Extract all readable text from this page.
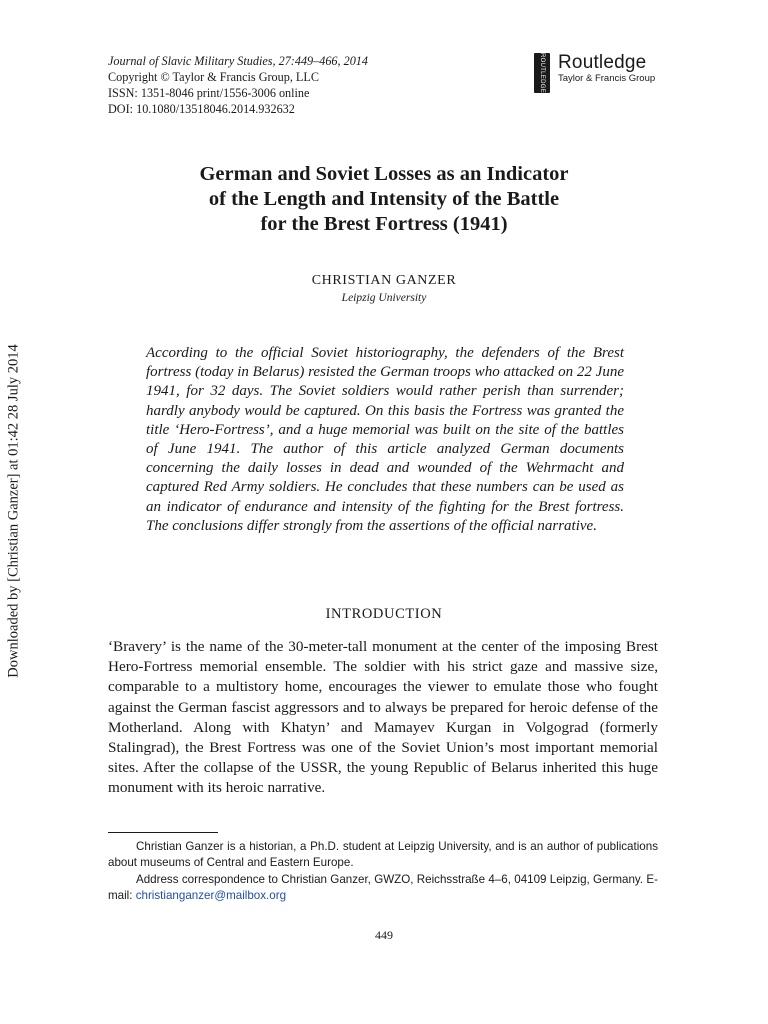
Journal of Slavic Military Studies, 27:449–466, 2014
Copyright © Taylor & Francis Group, LLC
ISSN: 1351-8046 print/1556-3006 online
DOI: 10.1080/13518046.2014.932632
ROUTLEDGE Routledge
Taylor & Francis Group
Downloaded by [Christian Ganzer] at 01:42 28 July 2014
German and Soviet Losses as an Indicator
of the Length and Intensity of the Battle
for the Brest Fortress (1941)
CHRISTIAN GANZER
Leipzig University

According to the official Soviet historiography, the defenders of the Brest fortress (today in Belarus) resisted the German troops who attacked on 22 June 1941, for 32 days. The Soviet soldiers would rather perish than surrender; hardly anybody would be captured. On this basis the Fortress was granted the title ‘Hero-Fortress’, and a huge memorial was built on the site of the battles of June 1941. The author of this article analyzed German documents concerning the daily losses in dead and wounded of the Wehrmacht and captured Red Army soldiers. He concludes that these numbers can be used as an indicator of endurance and intensity of the fighting for the Brest fortress. The conclusions differ strongly from the assertions of the official narrative.

INTRODUCTION

‘Bravery’ is the name of the 30-meter-tall monument at the center of the imposing Brest Hero-Fortress memorial ensemble. The soldier with his strict gaze and massive size, comparable to a multistory home, encourages the viewer to emulate those who fought against the German fascist aggressors and to always be prepared for heroic defense of the Motherland. Along with Khatyn’ and Mamayev Kurgan in Volgograd (formerly Stalingrad), the Brest Fortress was one of the Soviet Union’s most important memorial sites. After the collapse of the USSR, the young Republic of Belarus inherited this huge monument with its heroic narrative.

Christian Ganzer is a historian, a Ph.D. student at Leipzig University, and is an author of publications about museums of Central and Eastern Europe.

Address correspondence to Christian Ganzer, GWZO, Reichsstraße 4–6, 04109 Leipzig, Germany. E-mail: christianganzer@mailbox.org

449
